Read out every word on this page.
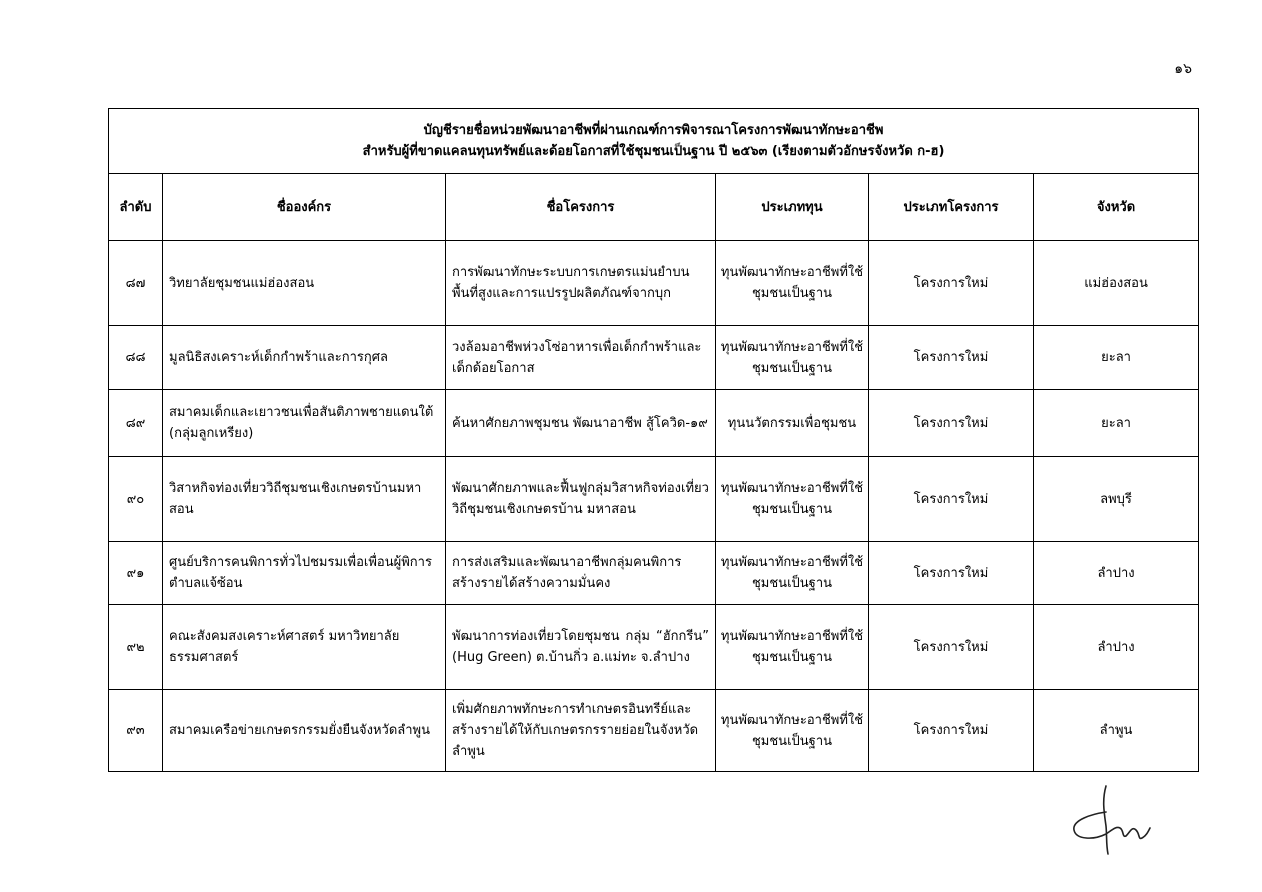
๑๖
บัญชีรายชื่อหน่วยพัฒนาอาชีพที่ผ่านเกณฑ์การพิจารณาโครงการพัฒนาทักษะอาชีพ
สำหรับผู้ที่ขาดแคลนทุนทรัพย์และด้อยโอกาสที่ใช้ชุมชนเป็นฐาน ปี ๒๕๖๓ (เรียงตามตัวอักษรจังหวัด ก-ฮ)					

ลำดับ	ชื่อองค์กร	ชื่อโครงการ	ประเภททุน	ประเภทโครงการ	จังหวัด
๘๗	วิทยาลัยชุมชนแม่ฮ่องสอน	การพัฒนาทักษะระบบการเกษตรแม่นยำบนพื้นที่สูงและการแปรรูปผลิตภัณฑ์จากบุก	ทุนพัฒนาทักษะอาชีพที่ใช้ชุมชนเป็นฐาน	โครงการใหม่	แม่ฮ่องสอน
๘๘	มูลนิธิสงเคราะห์เด็กกำพร้าและการกุศล	วงล้อมอาชีพห่วงโซ่อาหารเพื่อเด็กกำพร้าและเด็กด้อยโอกาส	ทุนพัฒนาทักษะอาชีพที่ใช้ชุมชนเป็นฐาน	โครงการใหม่	ยะลา
๘๙	สมาคมเด็กและเยาวชนเพื่อสันติภาพชายแดนใต้ (กลุ่มลูกเหรียง)	ค้นหาศักยภาพชุมชน พัฒนาอาชีพ สู้โควิด-๑๙	ทุนนวัตกรรมเพื่อชุมชน	โครงการใหม่	ยะลา
๙๐	วิสาหกิจท่องเที่ยววิถีชุมชนเชิงเกษตรบ้านมหาสอน	พัฒนาศักยภาพและฟื้นฟูกลุ่มวิสาหกิจท่องเที่ยววิถีชุมชนเชิงเกษตรบ้าน มหาสอน	ทุนพัฒนาทักษะอาชีพที่ใช้ชุมชนเป็นฐาน	โครงการใหม่	ลพบุรี
๙๑	ศูนย์บริการคนพิการทั่วไปชมรมเพื่อเพื่อนผู้พิการตำบลแจ้ซ้อน	การส่งเสริมและพัฒนาอาชีพกลุ่มคนพิการสร้างรายได้สร้างความมั่นคง	ทุนพัฒนาทักษะอาชีพที่ใช้ชุมชนเป็นฐาน	โครงการใหม่	ลำปาง
๙๒	คณะสังคมสงเคราะห์ศาสตร์ มหาวิทยาลัยธรรมศาสตร์	พัฒนาการท่องเที่ยวโดยชุมชน กลุ่ม “ฮักกรีน” (Hug Green) ต.บ้านกิ่ว อ.แม่ทะ จ.ลำปาง	ทุนพัฒนาทักษะอาชีพที่ใช้ชุมชนเป็นฐาน	โครงการใหม่	ลำปาง
๙๓	สมาคมเครือข่ายเกษตรกรรมยั่งยืนจังหวัดลำพูน	เพิ่มศักยภาพทักษะการทำเกษตรอินทรีย์และสร้างรายได้ให้กับเกษตรกรรายย่อยในจังหวัดลำพูน	ทุนพัฒนาทักษะอาชีพที่ใช้ชุมชนเป็นฐาน	โครงการใหม่	ลำพูน
